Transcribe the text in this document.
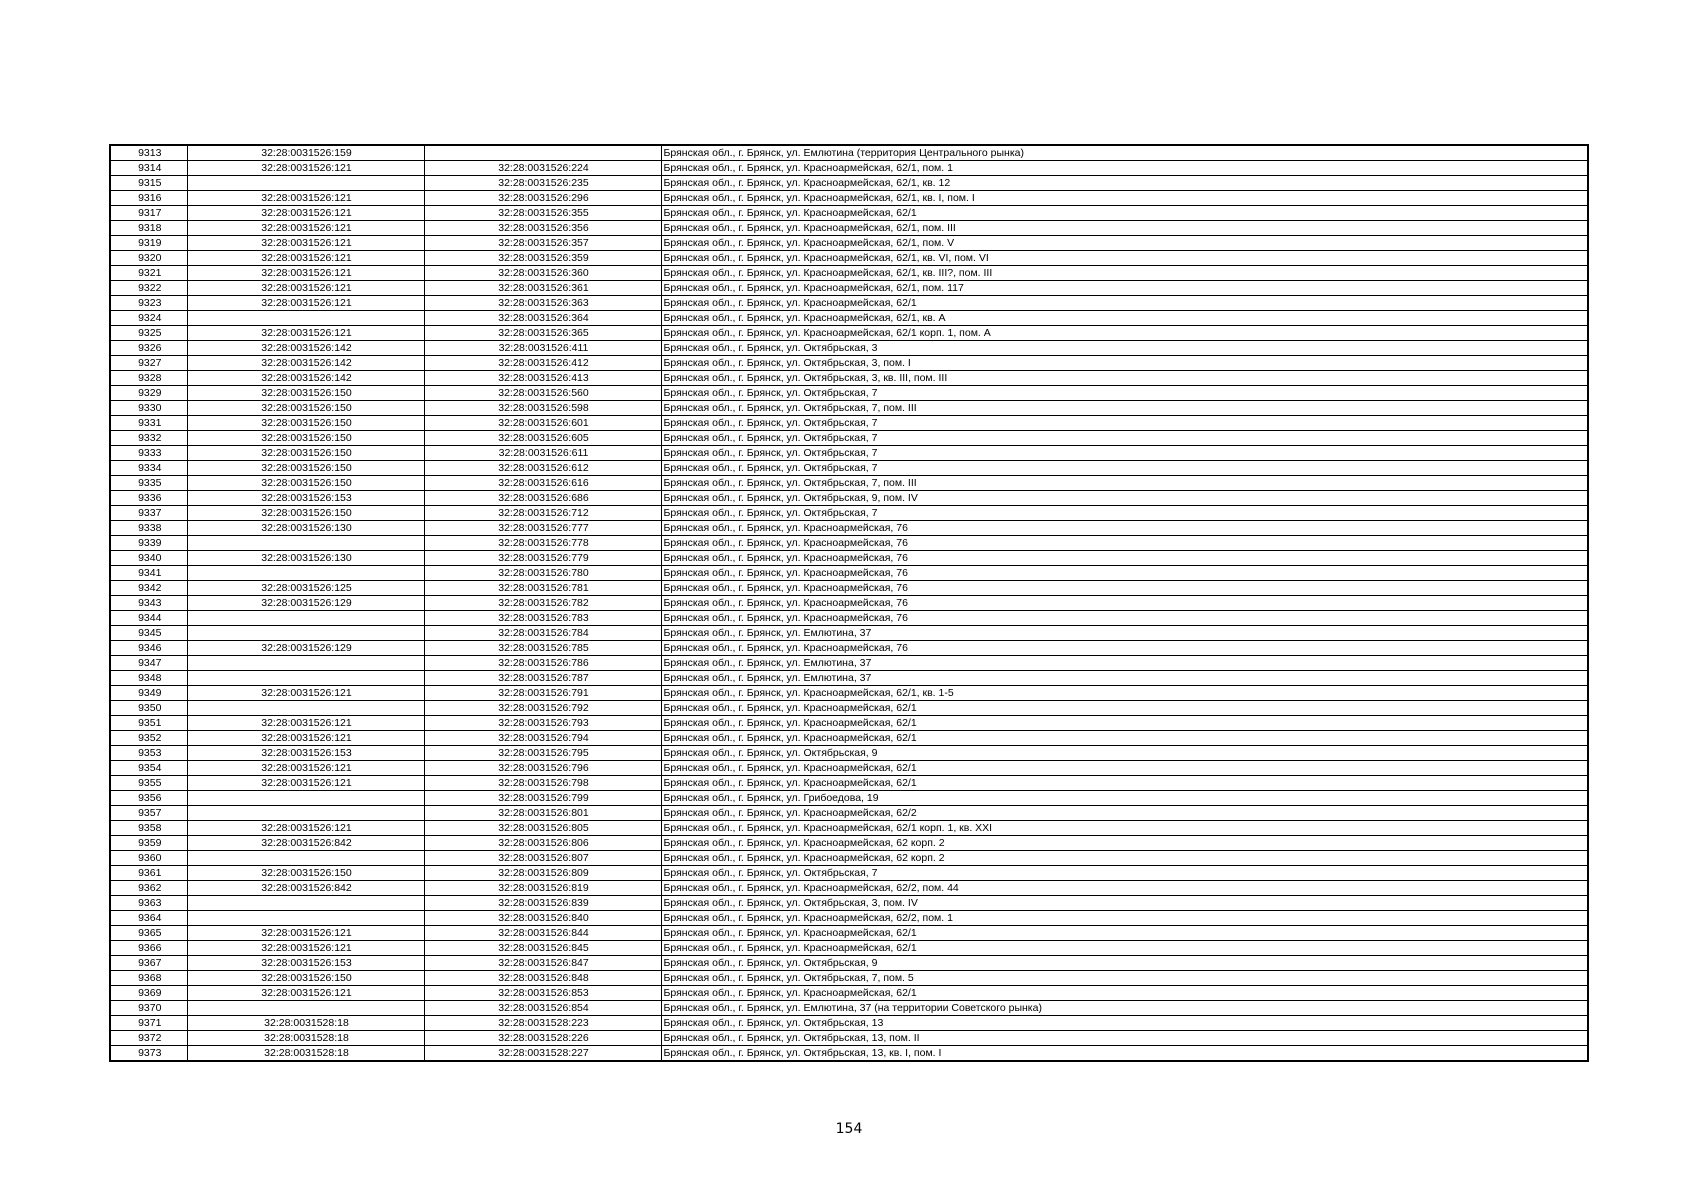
9313	32:28:0031526:159		Брянская обл., г. Брянск, ул. Емлютина (территория Центрального рынка)
9314	32:28:0031526:121	32:28:0031526:224	Брянская обл., г. Брянск, ул. Красноармейская, 62/1, пом. 1
9315		32:28:0031526:235	Брянская обл., г. Брянск, ул. Красноармейская, 62/1, кв. 12
9316	32:28:0031526:121	32:28:0031526:296	Брянская обл., г. Брянск, ул. Красноармейская, 62/1, кв. I, пом. I
9317	32:28:0031526:121	32:28:0031526:355	Брянская обл., г. Брянск, ул. Красноармейская, 62/1
9318	32:28:0031526:121	32:28:0031526:356	Брянская обл., г. Брянск, ул. Красноармейская, 62/1, пом. III
9319	32:28:0031526:121	32:28:0031526:357	Брянская обл., г. Брянск, ул. Красноармейская, 62/1, пом. V
9320	32:28:0031526:121	32:28:0031526:359	Брянская обл., г. Брянск, ул. Красноармейская, 62/1, кв. VI, пом. VI
9321	32:28:0031526:121	32:28:0031526:360	Брянская обл., г. Брянск, ул. Красноармейская, 62/1, кв. III?, пом. III
9322	32:28:0031526:121	32:28:0031526:361	Брянская обл., г. Брянск, ул. Красноармейская, 62/1, пом. 117
9323	32:28:0031526:121	32:28:0031526:363	Брянская обл., г. Брянск, ул. Красноармейская, 62/1
9324		32:28:0031526:364	Брянская обл., г. Брянск, ул. Красноармейская, 62/1, кв. А
9325	32:28:0031526:121	32:28:0031526:365	Брянская обл., г. Брянск, ул. Красноармейская, 62/1 корп. 1, пом. А
9326	32:28:0031526:142	32:28:0031526:411	Брянская обл., г. Брянск, ул. Октябрьская, 3
9327	32:28:0031526:142	32:28:0031526:412	Брянская обл., г. Брянск, ул. Октябрьская, 3, пом. I
9328	32:28:0031526:142	32:28:0031526:413	Брянская обл., г. Брянск, ул. Октябрьская, 3, кв. III, пом. III
9329	32:28:0031526:150	32:28:0031526:560	Брянская обл., г. Брянск, ул. Октябрьская, 7
9330	32:28:0031526:150	32:28:0031526:598	Брянская обл., г. Брянск, ул. Октябрьская, 7, пом. III
9331	32:28:0031526:150	32:28:0031526:601	Брянская обл., г. Брянск, ул. Октябрьская, 7
9332	32:28:0031526:150	32:28:0031526:605	Брянская обл., г. Брянск, ул. Октябрьская, 7
9333	32:28:0031526:150	32:28:0031526:611	Брянская обл., г. Брянск, ул. Октябрьская, 7
9334	32:28:0031526:150	32:28:0031526:612	Брянская обл., г. Брянск, ул. Октябрьская, 7
9335	32:28:0031526:150	32:28:0031526:616	Брянская обл., г. Брянск, ул. Октябрьская, 7, пом. III
9336	32:28:0031526:153	32:28:0031526:686	Брянская обл., г. Брянск, ул. Октябрьская, 9, пом. IV
9337	32:28:0031526:150	32:28:0031526:712	Брянская обл., г. Брянск, ул. Октябрьская, 7
9338	32:28:0031526:130	32:28:0031526:777	Брянская обл., г. Брянск, ул. Красноармейская, 76
9339		32:28:0031526:778	Брянская обл., г. Брянск, ул. Красноармейская, 76
9340	32:28:0031526:130	32:28:0031526:779	Брянская обл., г. Брянск, ул. Красноармейская, 76
9341		32:28:0031526:780	Брянская обл., г. Брянск, ул. Красноармейская, 76
9342	32:28:0031526:125	32:28:0031526:781	Брянская обл., г. Брянск, ул. Красноармейская, 76
9343	32:28:0031526:129	32:28:0031526:782	Брянская обл., г. Брянск, ул. Красноармейская, 76
9344		32:28:0031526:783	Брянская обл., г. Брянск, ул. Красноармейская, 76
9345		32:28:0031526:784	Брянская обл., г. Брянск, ул. Емлютина, 37
9346	32:28:0031526:129	32:28:0031526:785	Брянская обл., г. Брянск, ул. Красноармейская, 76
9347		32:28:0031526:786	Брянская обл., г. Брянск, ул. Емлютина, 37
9348		32:28:0031526:787	Брянская обл., г. Брянск, ул. Емлютина, 37
9349	32:28:0031526:121	32:28:0031526:791	Брянская обл., г. Брянск, ул. Красноармейская, 62/1, кв. 1-5
9350		32:28:0031526:792	Брянская обл., г. Брянск, ул. Красноармейская, 62/1
9351	32:28:0031526:121	32:28:0031526:793	Брянская обл., г. Брянск, ул. Красноармейская, 62/1
9352	32:28:0031526:121	32:28:0031526:794	Брянская обл., г. Брянск, ул. Красноармейская, 62/1
9353	32:28:0031526:153	32:28:0031526:795	Брянская обл., г. Брянск, ул. Октябрьская, 9
9354	32:28:0031526:121	32:28:0031526:796	Брянская обл., г. Брянск, ул. Красноармейская, 62/1
9355	32:28:0031526:121	32:28:0031526:798	Брянская обл., г. Брянск, ул. Красноармейская, 62/1
9356		32:28:0031526:799	Брянская обл., г. Брянск, ул. Грибоедова, 19
9357		32:28:0031526:801	Брянская обл., г. Брянск, ул. Красноармейская, 62/2
9358	32:28:0031526:121	32:28:0031526:805	Брянская обл., г. Брянск, ул. Красноармейская, 62/1 корп. 1, кв. XXI
9359	32:28:0031526:842	32:28:0031526:806	Брянская обл., г. Брянск, ул. Красноармейская, 62 корп. 2
9360		32:28:0031526:807	Брянская обл., г. Брянск, ул. Красноармейская, 62 корп. 2
9361	32:28:0031526:150	32:28:0031526:809	Брянская обл., г. Брянск, ул. Октябрьская, 7
9362	32:28:0031526:842	32:28:0031526:819	Брянская обл., г. Брянск, ул. Красноармейская, 62/2, пом. 44
9363		32:28:0031526:839	Брянская обл., г. Брянск, ул. Октябрьская, 3, пом. IV
9364		32:28:0031526:840	Брянская обл., г. Брянск, ул. Красноармейская, 62/2, пом. 1
9365	32:28:0031526:121	32:28:0031526:844	Брянская обл., г. Брянск, ул. Красноармейская, 62/1
9366	32:28:0031526:121	32:28:0031526:845	Брянская обл., г. Брянск, ул. Красноармейская, 62/1
9367	32:28:0031526:153	32:28:0031526:847	Брянская обл., г. Брянск, ул. Октябрьская, 9
9368	32:28:0031526:150	32:28:0031526:848	Брянская обл., г. Брянск, ул. Октябрьская, 7, пом. 5
9369	32:28:0031526:121	32:28:0031526:853	Брянская обл., г. Брянск, ул. Красноармейская, 62/1
9370		32:28:0031526:854	Брянская обл., г. Брянск, ул. Емлютина, 37 (на территории Советского рынка)
9371	32:28:0031528:18	32:28:0031528:223	Брянская обл., г. Брянск, ул. Октябрьская, 13
9372	32:28:0031528:18	32:28:0031528:226	Брянская обл., г. Брянск, ул. Октябрьская, 13, пом. II
9373	32:28:0031528:18	32:28:0031528:227	Брянская обл., г. Брянск, ул. Октябрьская, 13, кв. I, пом. I
154
